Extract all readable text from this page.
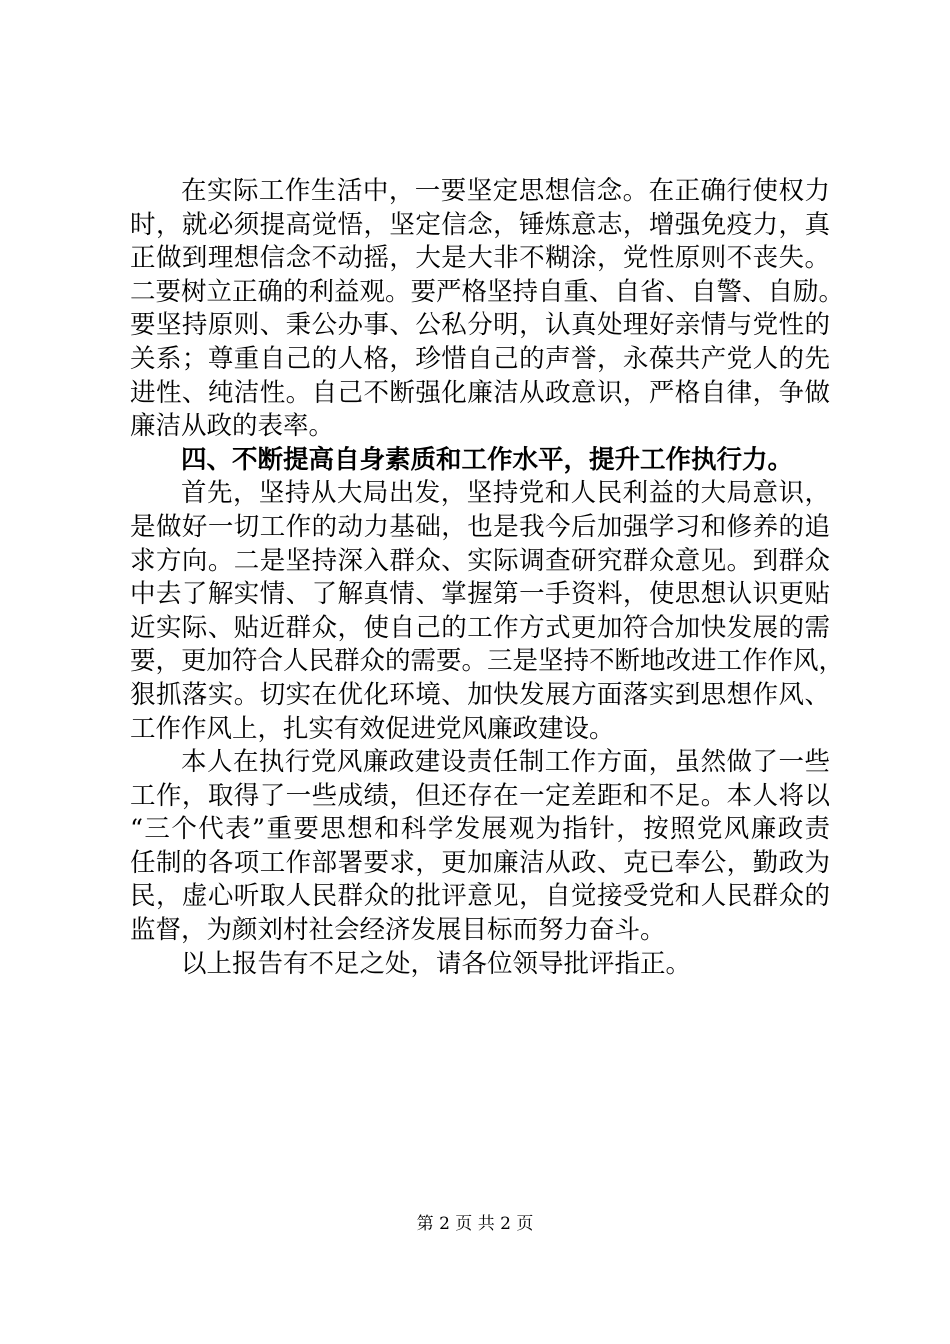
在实际工作生活中，一要坚定思想信念。在正确行使权力
时，就必须提高觉悟，坚定信念，锤炼意志，增强免疫力，真
正做到理想信念不动摇，大是大非不糊涂，党性原则不丧失。
二要树立正确的利益观。要严格坚持自重、自省、自警、自励。
要坚持原则、秉公办事、公私分明，认真处理好亲情与党性的
关系；尊重自己的人格，珍惜自己的声誉，永葆共产党人的先
进性、纯洁性。自己不断强化廉洁从政意识，严格自律，争做
廉洁从政的表率。
四、不断提高自身素质和工作水平，提升工作执行力。
首先，坚持从大局出发，坚持党和人民利益的大局意识，
是做好一切工作的动力基础，也是我今后加强学习和修养的追
求方向。二是坚持深入群众、实际调查研究群众意见。到群众
中去了解实情、了解真情、掌握第一手资料，使思想认识更贴
近实际、贴近群众，使自己的工作方式更加符合加快发展的需
要，更加符合人民群众的需要。三是坚持不断地改进工作作风，
狠抓落实。切实在优化环境、加快发展方面落实到思想作风、
工作作风上，扎实有效促进党风廉政建设。
本人在执行党风廉政建设责任制工作方面，虽然做了一些
工作，取得了一些成绩，但还存在一定差距和不足。本人将以
“三个代表”重要思想和科学发展观为指针，按照党风廉政责
任制的各项工作部署要求，更加廉洁从政、克已奉公，勤政为
民，虚心听取人民群众的批评意见，自觉接受党和人民群众的
监督，为颜刘村社会经济发展目标而努力奋斗。
以上报告有不足之处，请各位领导批评指正。
第 2 页 共 2 页
